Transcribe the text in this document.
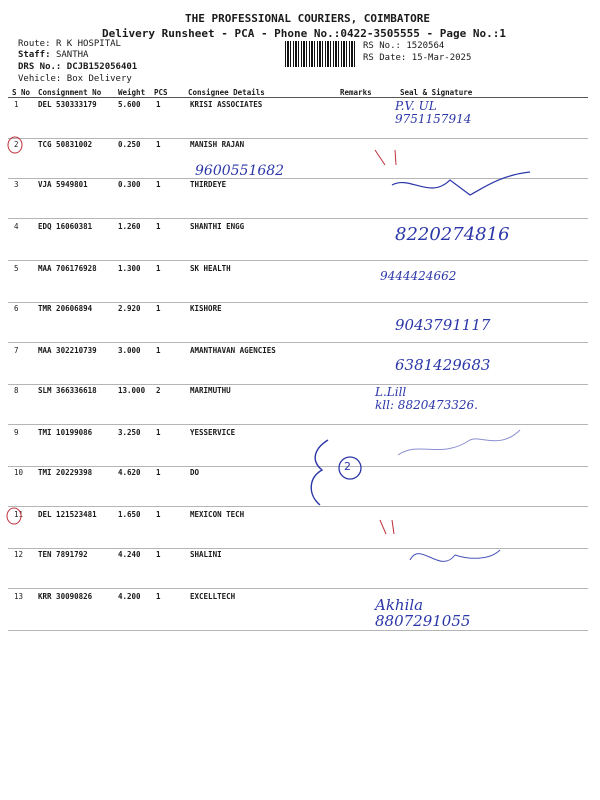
THE PROFESSIONAL COURIERS, COIMBATORE
Delivery Runsheet - PCA - Phone No.:0422-3505555 - Page No.:1
Route: R K HOSPITAL
Staff: SANTHA
DRS No.: DCJB152056401
Vehicle: Box Delivery
RS No.: 1520564
RS Date: 15-Mar-2025
S No Consignment No Weight PCS	Consignee Details	Remarks	Seal & Signature
1	DEL 530333179	5.600 1	KRISI ASSOCIATES	P.V. UL
9751157914
2	TCG 50831002	0.250 1	MANISH RAJAN
3	VJA 5949801	0.300 1	THIRDEYE
9600551682
4	EDQ 16060381	1.260 1	SHANTHI ENGG	8220274816
5	MAA 706176928	1.300 1	SK HEALTH
9444424662
6	TMR 20606894	2.920 1	KISHORE
9043791117
7	MAA 302210739	3.000 1	AMANTHAVAN AGENCIES
6381429683
8	SLM 366336618	13.000 2	MARIMUTHU	L.Lill
kll: 8820473326.
9	TMI 10199086	3.250 1	YESSERVICE
10 TMI 20229398	4.620 1	DO
11 DEL 121523481	1.650 1	MEXICON TECH
12 TEN 7891792	4.240 1	SHALINI
13 KRR 30090826	4.200 1	EXCELLTECH	Akhila
8807291055
2
